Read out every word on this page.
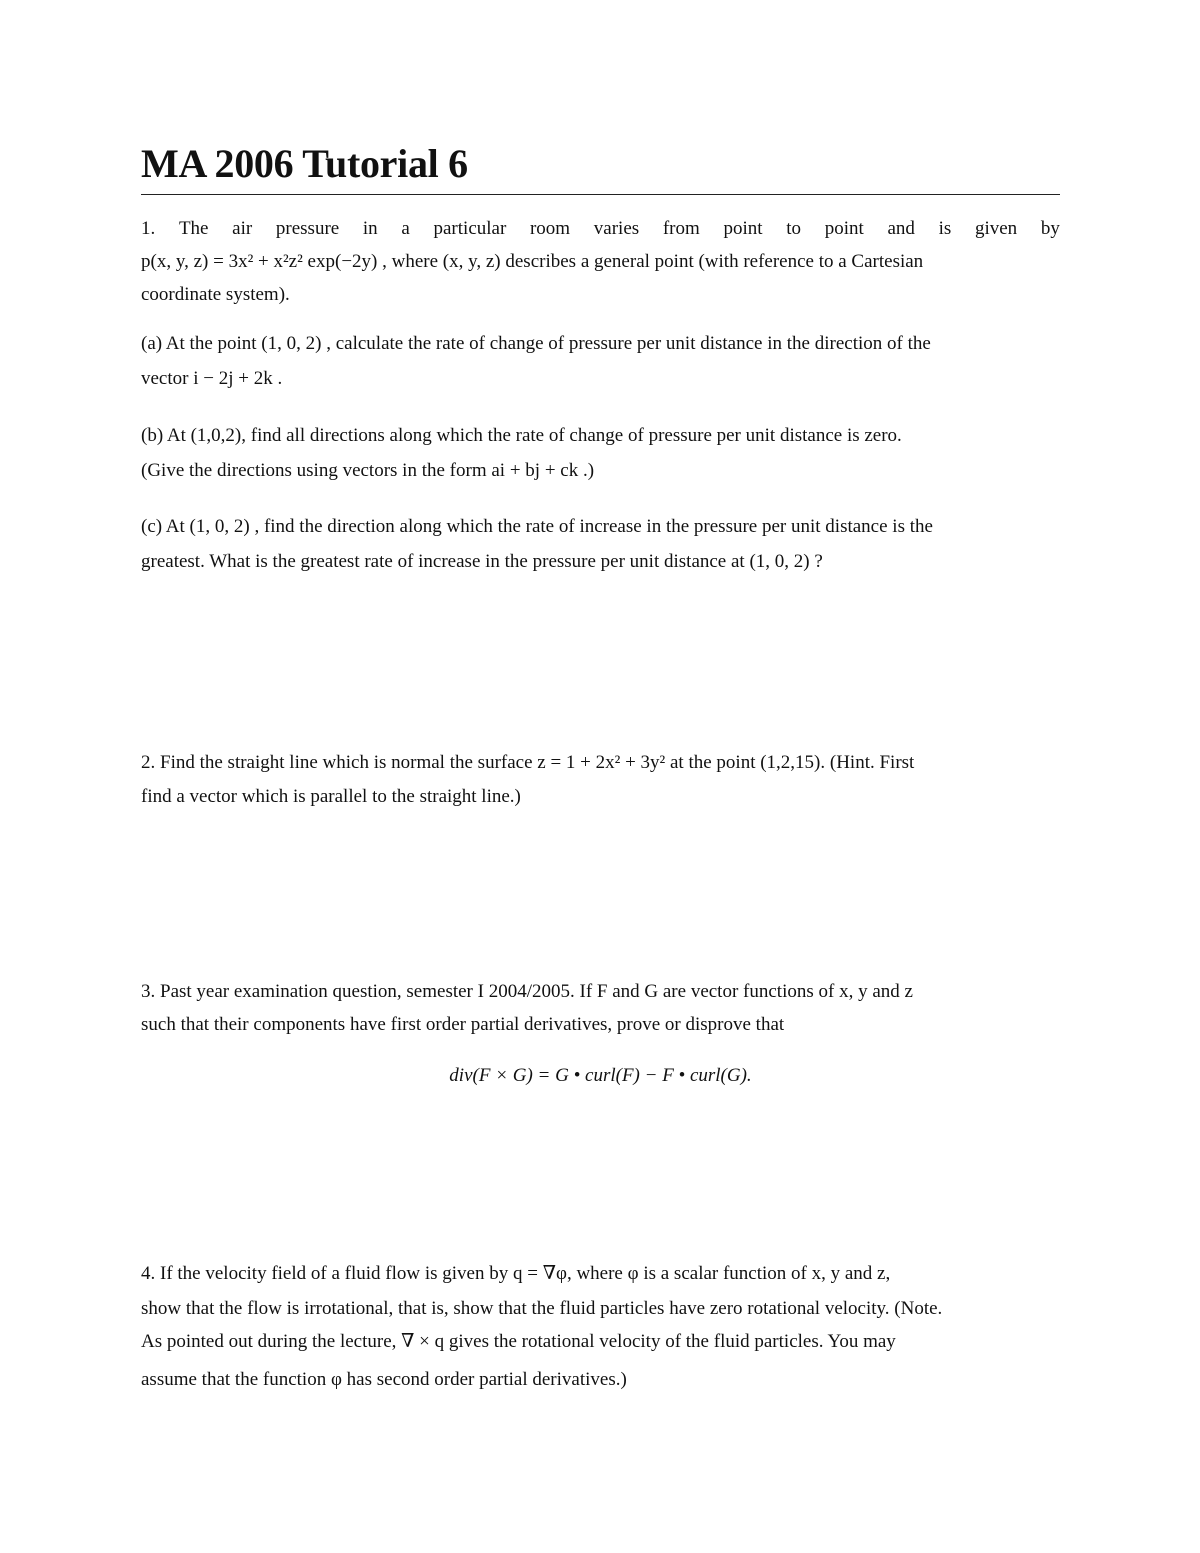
MA 2006 Tutorial 6
1. The air pressure in a particular room varies from point to point and is given by
p(x, y, z) = 3x² + x²z² exp(−2y) , where (x, y, z) describes a general point (with reference to a Cartesian
coordinate system).
(a) At the point (1, 0, 2) , calculate the rate of change of pressure per unit distance in the direction of the
vector i − 2j + 2k .
(b) At (1,0,2), find all directions along which the rate of change of pressure per unit distance is zero.
(Give the directions using vectors in the form ai + bj + ck .)
(c) At (1, 0, 2) , find the direction along which the rate of increase in the pressure per unit distance is the
greatest. What is the greatest rate of increase in the pressure per unit distance at (1, 0, 2) ?
2. Find the straight line which is normal the surface z = 1 + 2x² + 3y² at the point (1,2,15). (Hint. First
find a vector which is parallel to the straight line.)
3. Past year examination question, semester I 2004/2005. If F and G are vector functions of x, y and z
such that their components have first order partial derivatives, prove or disprove that
div(F × G) = G • curl(F) − F • curl(G).
4. If the velocity field of a fluid flow is given by q = ∇φ, where φ is a scalar function of x, y and z,
show that the flow is irrotational, that is, show that the fluid particles have zero rotational velocity. (Note.
As pointed out during the lecture, ∇ × q gives the rotational velocity of the fluid particles. You may
assume that the function φ has second order partial derivatives.)
